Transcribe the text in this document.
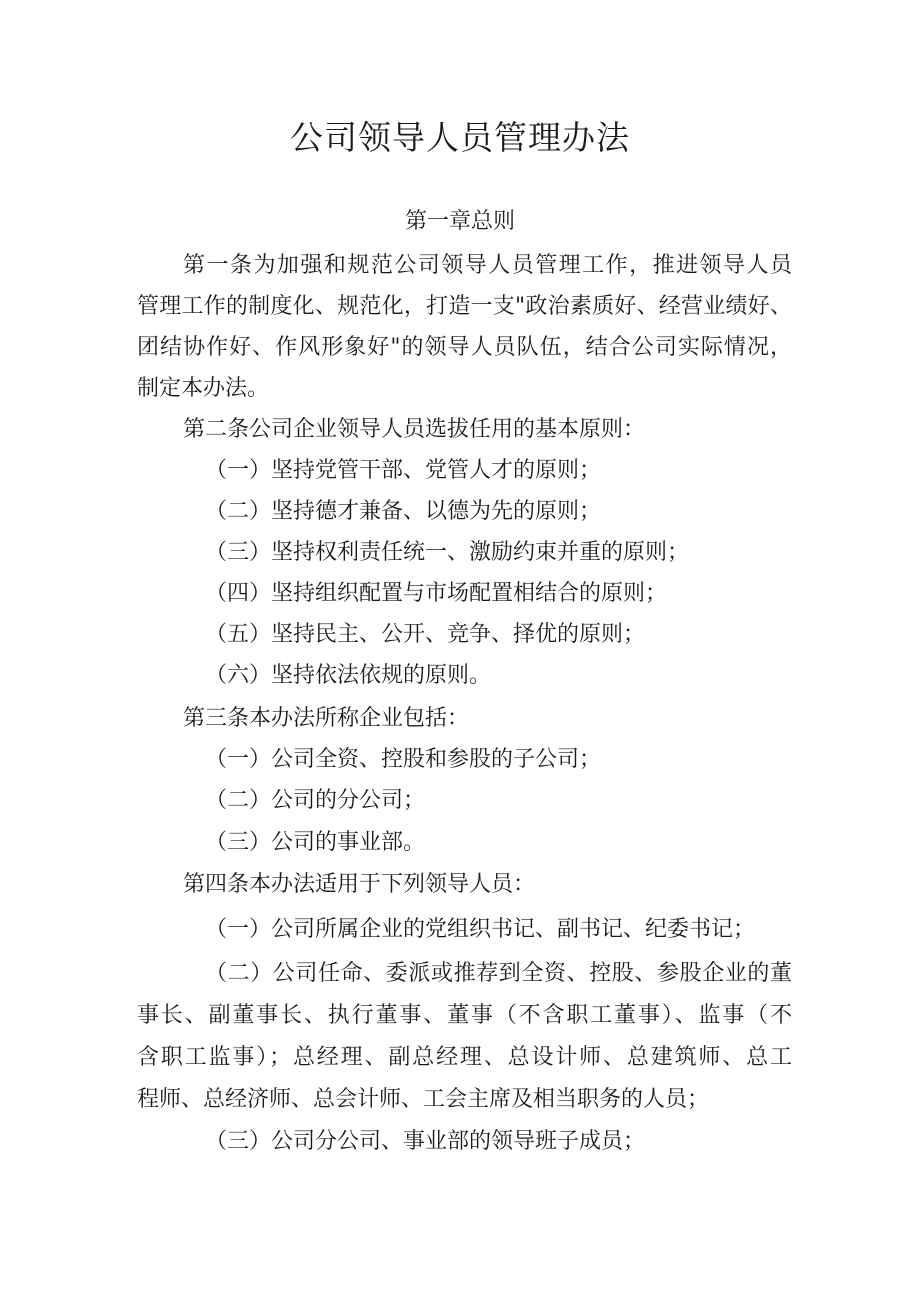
公司领导人员管理办法
第一章总则
第一条为加强和规范公司领导人员管理工作，推进领导人员
管理工作的制度化、规范化，打造一支"政治素质好、经营业绩好、
团结协作好、作风形象好"的领导人员队伍，结合公司实际情况，
制定本办法。
第二条公司企业领导人员选拔任用的基本原则：
（一）坚持党管干部、党管人才的原则；
（二）坚持德才兼备、以德为先的原则；
（三）坚持权利责任统一、激励约束并重的原则；
（四）坚持组织配置与市场配置相结合的原则；
（五）坚持民主、公开、竞争、择优的原则；
（六）坚持依法依规的原则。
第三条本办法所称企业包括：
（一）公司全资、控股和参股的子公司；
（二）公司的分公司；
（三）公司的事业部。
第四条本办法适用于下列领导人员：
（一）公司所属企业的党组织书记、副书记、纪委书记；
（二）公司任命、委派或推荐到全资、控股、参股企业的董
事长、副董事长、执行董事、董事（不含职工董事）、监事（不
含职工监事）；总经理、副总经理、总设计师、总建筑师、总工
程师、总经济师、总会计师、工会主席及相当职务的人员；
（三）公司分公司、事业部的领导班子成员；
